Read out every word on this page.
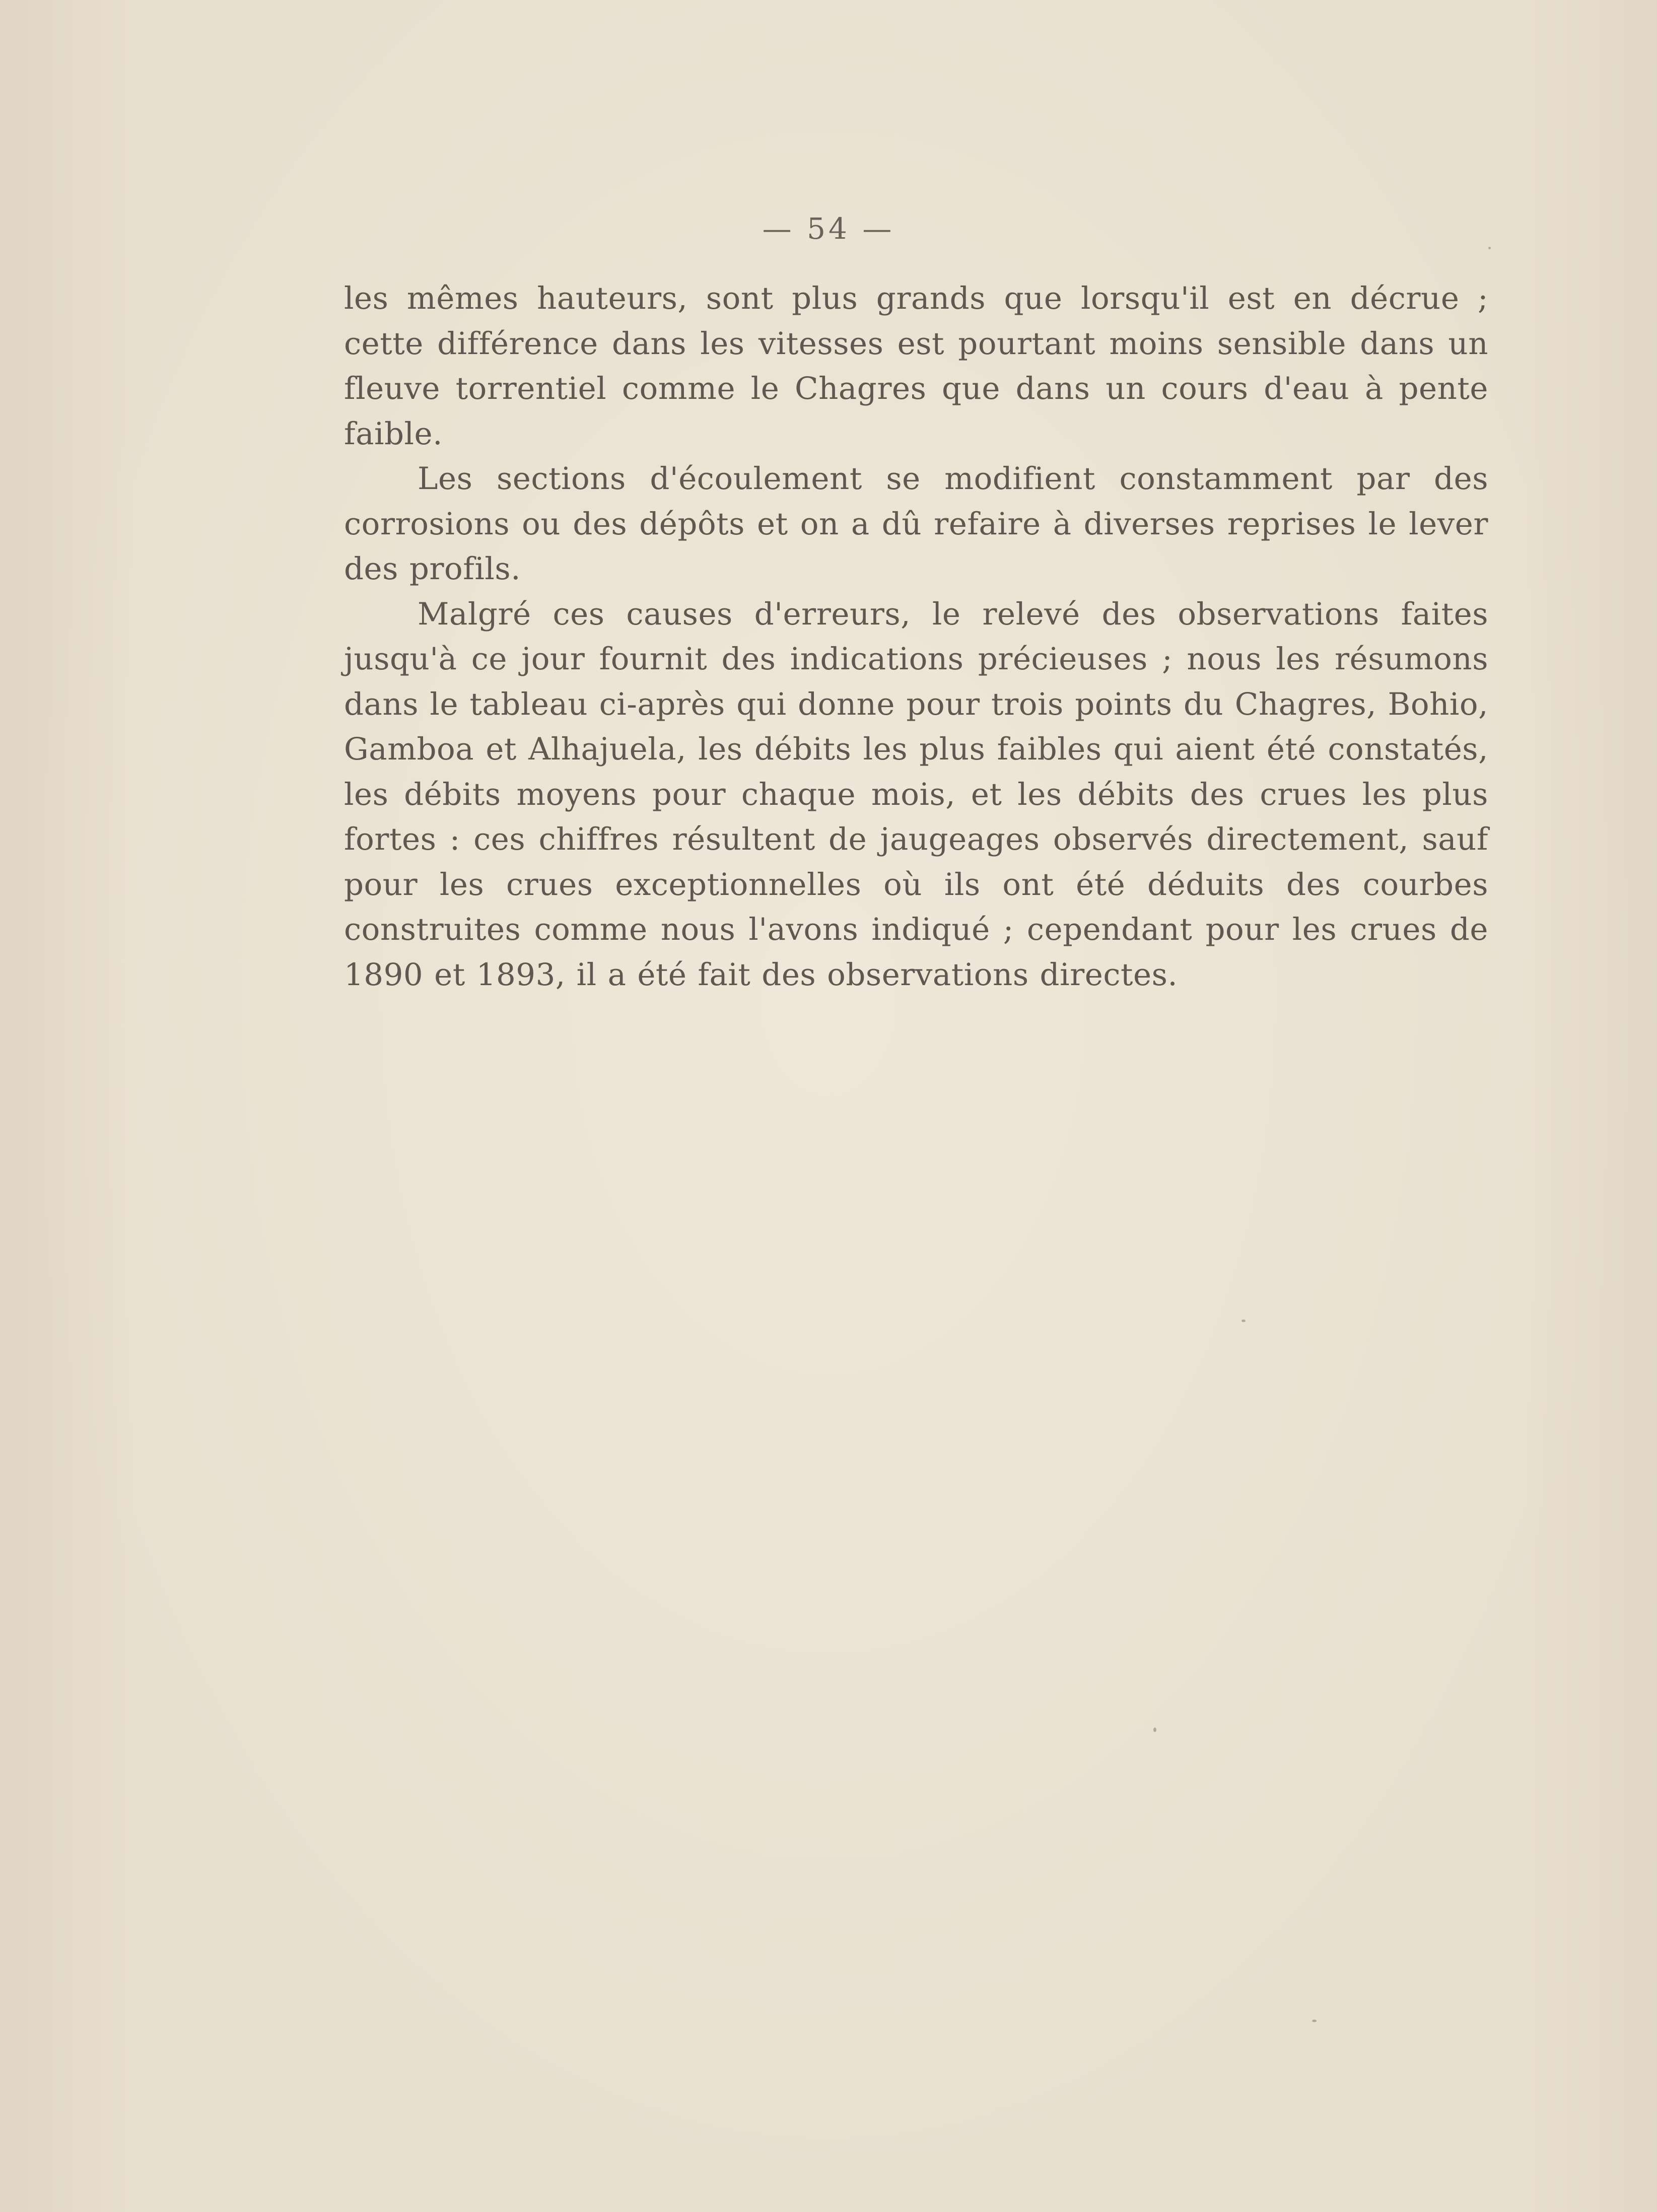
— 54 —

les mêmes hauteurs, sont plus grands que lorsqu'il est en décrue ; cette différence dans les vitesses est pourtant moins sensible dans un fleuve torrentiel comme le Chagres que dans un cours d'eau à pente faible.

Les sections d'écoulement se modifient constamment par des corrosions ou des dépôts et on a dû refaire à diverses reprises le lever des profils.

Malgré ces causes d'erreurs, le relevé des observations faites jusqu'à ce jour fournit des indications précieuses ; nous les résumons dans le tableau ci-après qui donne pour trois points du Chagres, Bohio, Gamboa et Alhajuela, les débits les plus faibles qui aient été constatés, les débits moyens pour chaque mois, et les débits des crues les plus fortes : ces chiffres résultent de jaugeages observés directement, sauf pour les crues exceptionnelles où ils ont été déduits des courbes construites comme nous l'avons indiqué ; cependant pour les crues de 1890 et 1893, il a été fait des observations directes.
